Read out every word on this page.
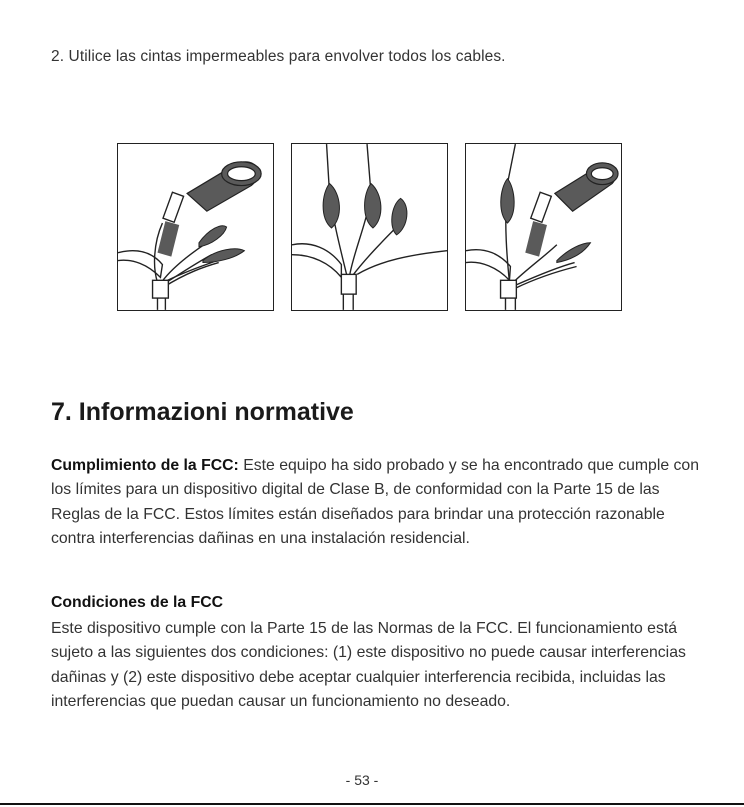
2. Utilice las cintas impermeables para envolver todos los cables.
7. Informazioni normative

Cumplimiento de la FCC: Este equipo ha sido probado y se ha encontrado que cumple con los límites para un dispositivo digital de Clase B, de conformidad con la Parte 15 de las Reglas de la FCC. Estos límites están diseñados para brindar una protección razonable contra interferencias dañinas en una instalación residencial.

Condiciones de la FCC

Este dispositivo cumple con la Parte 15 de las Normas de la FCC. El funcionamiento está sujeto a las siguientes dos condiciones: (1) este dispositivo no puede causar interferencias dañinas y (2) este dispositivo debe aceptar cualquier interferencia recibida, incluidas las interferencias que puedan causar un funcionamiento no deseado.

- 53 -
